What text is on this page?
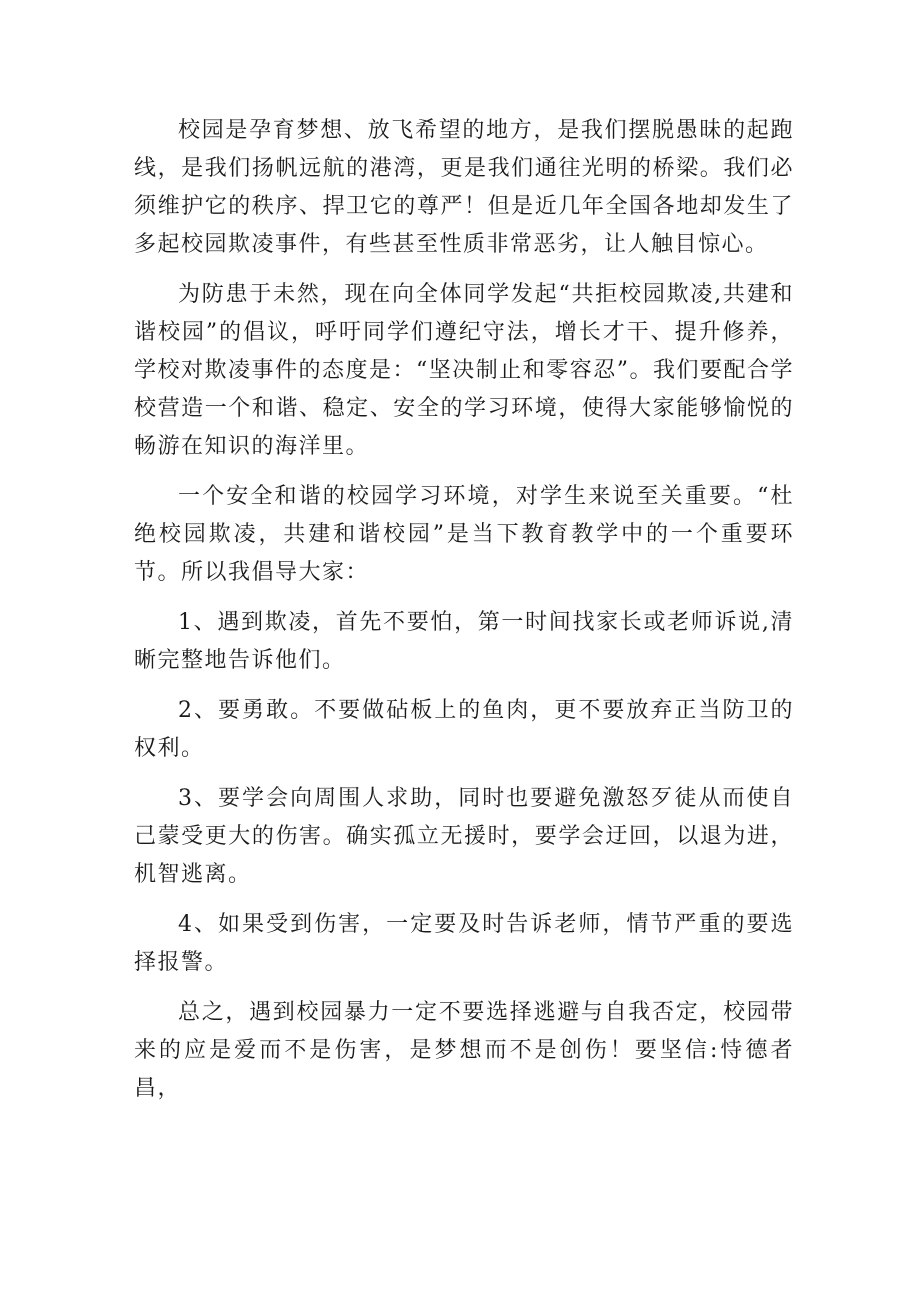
校园是孕育梦想、放飞希望的地方，是我们摆脱愚昧的起跑线，是我们扬帆远航的港湾，更是我们通往光明的桥梁。我们必须维护它的秩序、捍卫它的尊严！但是近几年全国各地却发生了多起校园欺凌事件，有些甚至性质非常恶劣，让人触目惊心。

为防患于未然，现在向全体同学发起“共拒校园欺凌,共建和谐校园”的倡议，呼吁同学们遵纪守法，增长才干、提升修养，学校对欺凌事件的态度是：“坚决制止和零容忍”。我们要配合学校营造一个和谐、稳定、安全的学习环境，使得大家能够愉悦的畅游在知识的海洋里。

一个安全和谐的校园学习环境，对学生来说至关重要。“杜绝校园欺凌，共建和谐校园”是当下教育教学中的一个重要环节。所以我倡导大家：

1、遇到欺凌，首先不要怕，第一时间找家长或老师诉说,清晰完整地告诉他们。

2、要勇敢。不要做砧板上的鱼肉，更不要放弃正当防卫的权利。

3、要学会向周围人求助，同时也要避免激怒歹徒从而使自己蒙受更大的伤害。确实孤立无援时，要学会迂回，以退为进，机智逃离。

4、如果受到伤害，一定要及时告诉老师，情节严重的要选择报警。

总之，遇到校园暴力一定不要选择逃避与自我否定，校园带来的应是爱而不是伤害，是梦想而不是创伤！要坚信:恃德者昌，
